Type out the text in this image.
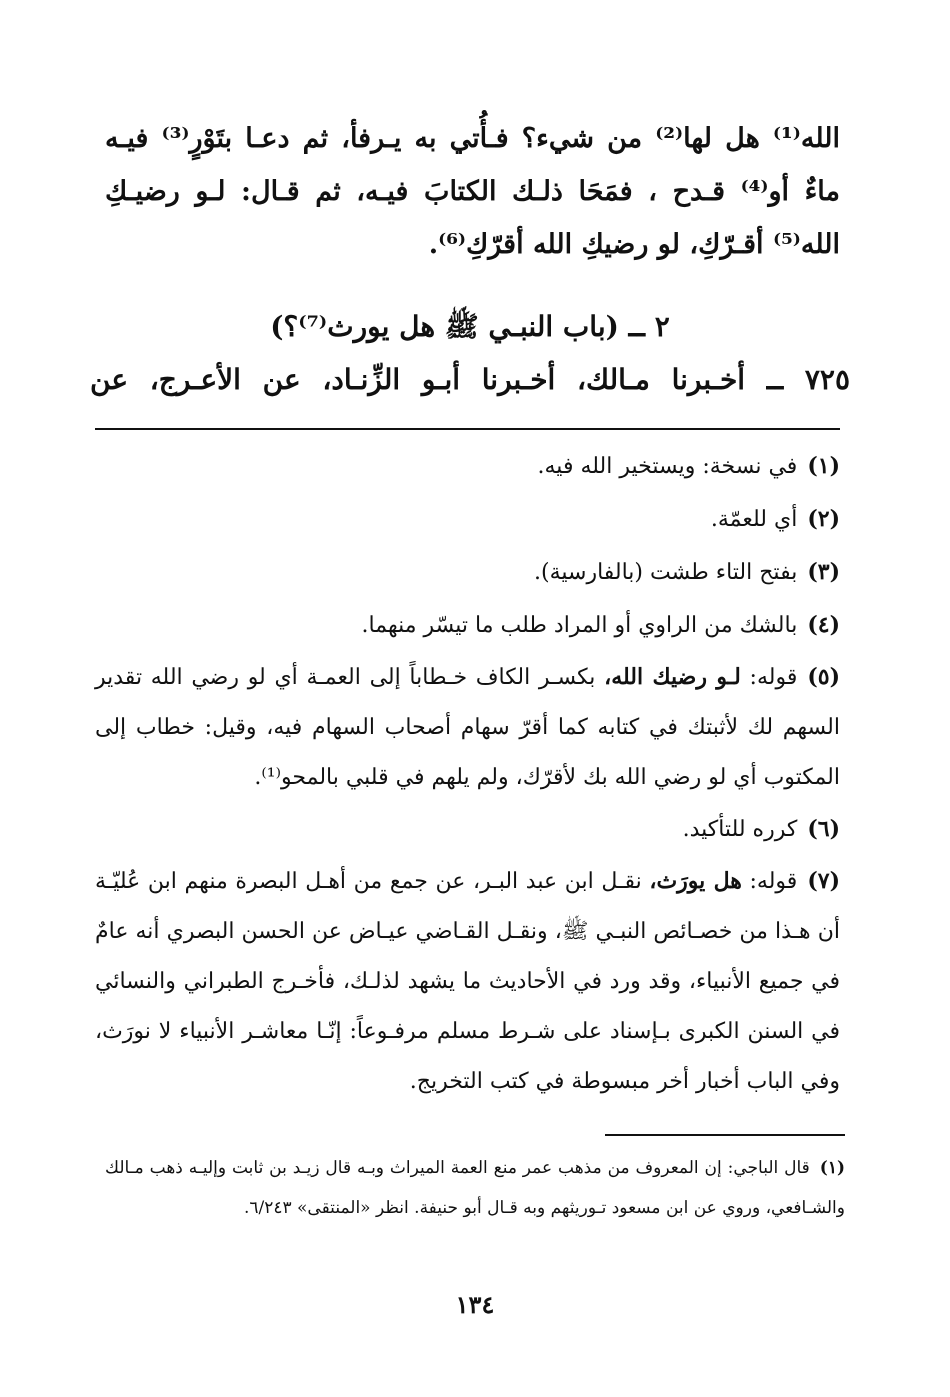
الله⁽¹⁾ هل لها⁽²⁾ من شيء؟ فـأُتي به يـرفأ، ثم دعـا بتَوْرٍ⁽³⁾ فيـه ماءٌ أو⁽⁴⁾ قـدح ، فمَحَا ذلـك الكتابَ فيـه، ثم قـال: لـو رضيـكِ الله⁽⁵⁾ أقـرّكِ، لو رضيكِ الله أقرّكِ⁽⁶⁾.

٢ ــ (باب النبـي ﷺ هل يورث⁽⁷⁾؟)
٧٢٥ ــ أخـبرنا مـالك، أخـبرنا أبـو الزِّنـاد، عن الأعـرج، عن

(١)في نسخة: ويستخير الله فيه.

(٢)أي للعمّة.

(٣)بفتح التاء طشت (بالفارسية).

(٤)بالشك من الراوي أو المراد طلب ما تيسّر منهما.

(٥)قوله: لـو رضيك الله، بكسـر الكاف خـطاباً إلى العمـة أي لو رضي الله تقدير السهم لك لأثبتك في كتابه كما أقرّ سهام أصحاب السهام فيه، وقيل: خطاب إلى المكتوب أي لو رضي الله بك لأقرّك، ولم يلهم في قلبي بالمحو⁽¹⁾.

(٦)كرره للتأكيد.

(٧)قوله: هل يورَث، نقـل ابن عبد البـر، عن جمع من أهـل البصرة منهم ابن عُليّـة أن هـذا من خصـائص النبـي ﷺ، ونقـل القـاضي عيـاض عن الحسن البصري أنه عامٌ في جميع الأنبياء، وقد ورد في الأحاديث ما يشهد لذلـك، فأخـرج الطبراني والنسائي في السنن الكبرى بـإسناد على شـرط مسلم مرفـوعاً: إنّـا معاشـر الأنبياء لا نورَث، وفي الباب أخبار أخر مبسوطة في كتب التخريج.

(١)قال الباجي: إن المعروف من مذهب عمر منع العمة الميراث وبـه قال زيـد بن ثابت وإليـه ذهب مـالك والشـافعي، وروي عن ابن مسعود تـوريثهم وبه قـال أبو حنيفة. انظر «المنتقى» ٦/٢٤٣.

١٣٤
